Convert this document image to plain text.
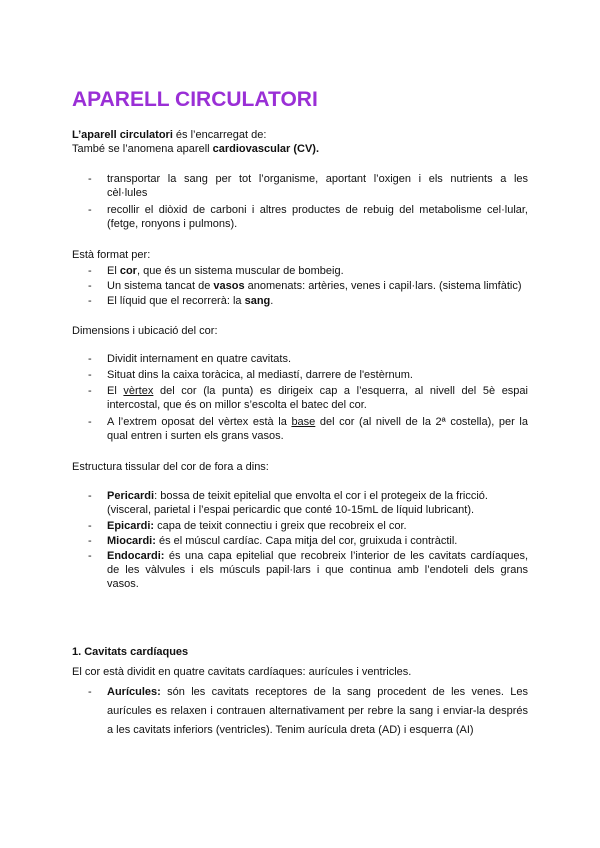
APARELL CIRCULATORI
L’aparell circulatori és l’encarregat de:
També se l’anomena aparell cardiovascular (CV).
- transportar la sang per tot l’organisme, aportant l’oxigen i els nutrients a les
cèl·lules
- recollir el diòxid de carboni i altres productes de rebuig del metabolisme cel·lular,
(fetge, ronyons i pulmons).
Està format per:
- El cor, que és un sistema muscular de bombeig.
- Un sistema tancat de vasos anomenats: artèries, venes i capil·lars. (sistema limfàtic)
- El líquid que el recorrerà: la sang.
Dimensions i ubicació del cor:
- Dividit internament en quatre cavitats.
- Situat dins la caixa toràcica, al mediastí, darrere de l'estèrnum.
- El vèrtex del cor (la punta) es dirigeix cap a l’esquerra, al nivell del 5è espai
intercostal, que és on millor s’escolta el batec del cor.
- A l’extrem oposat del vèrtex està la base del cor (al nivell de la 2ª costella), per la
qual entren i surten els grans vasos.
Estructura tissular del cor de fora a dins:
- Pericardi: bossa de teixit epitelial que envolta el cor i el protegeix de la fricció.
(visceral, parietal i l’espai pericardic que conté 10-15mL de líquid lubricant).
- Epicardi: capa de teixit connectiu i greix que recobreix el cor.
- Miocardi: és el múscul cardíac. Capa mitja del cor, gruixuda i contràctil.
- Endocardi: és una capa epitelial que recobreix l’interior de les cavitats cardíaques,
de les vàlvules i els músculs papil·lars i que continua amb l’endoteli dels grans
vasos.
1. Cavitats cardíaques
El cor està dividit en quatre cavitats cardíaques: aurícules i ventricles.
- Aurícules: són les cavitats receptores de la sang procedent de les venes. Les
aurícules es relaxen i contrauen alternativament per rebre la sang i enviar-la després
a les cavitats inferiors (ventricles). Tenim aurícula dreta (AD) i esquerra (AI)
